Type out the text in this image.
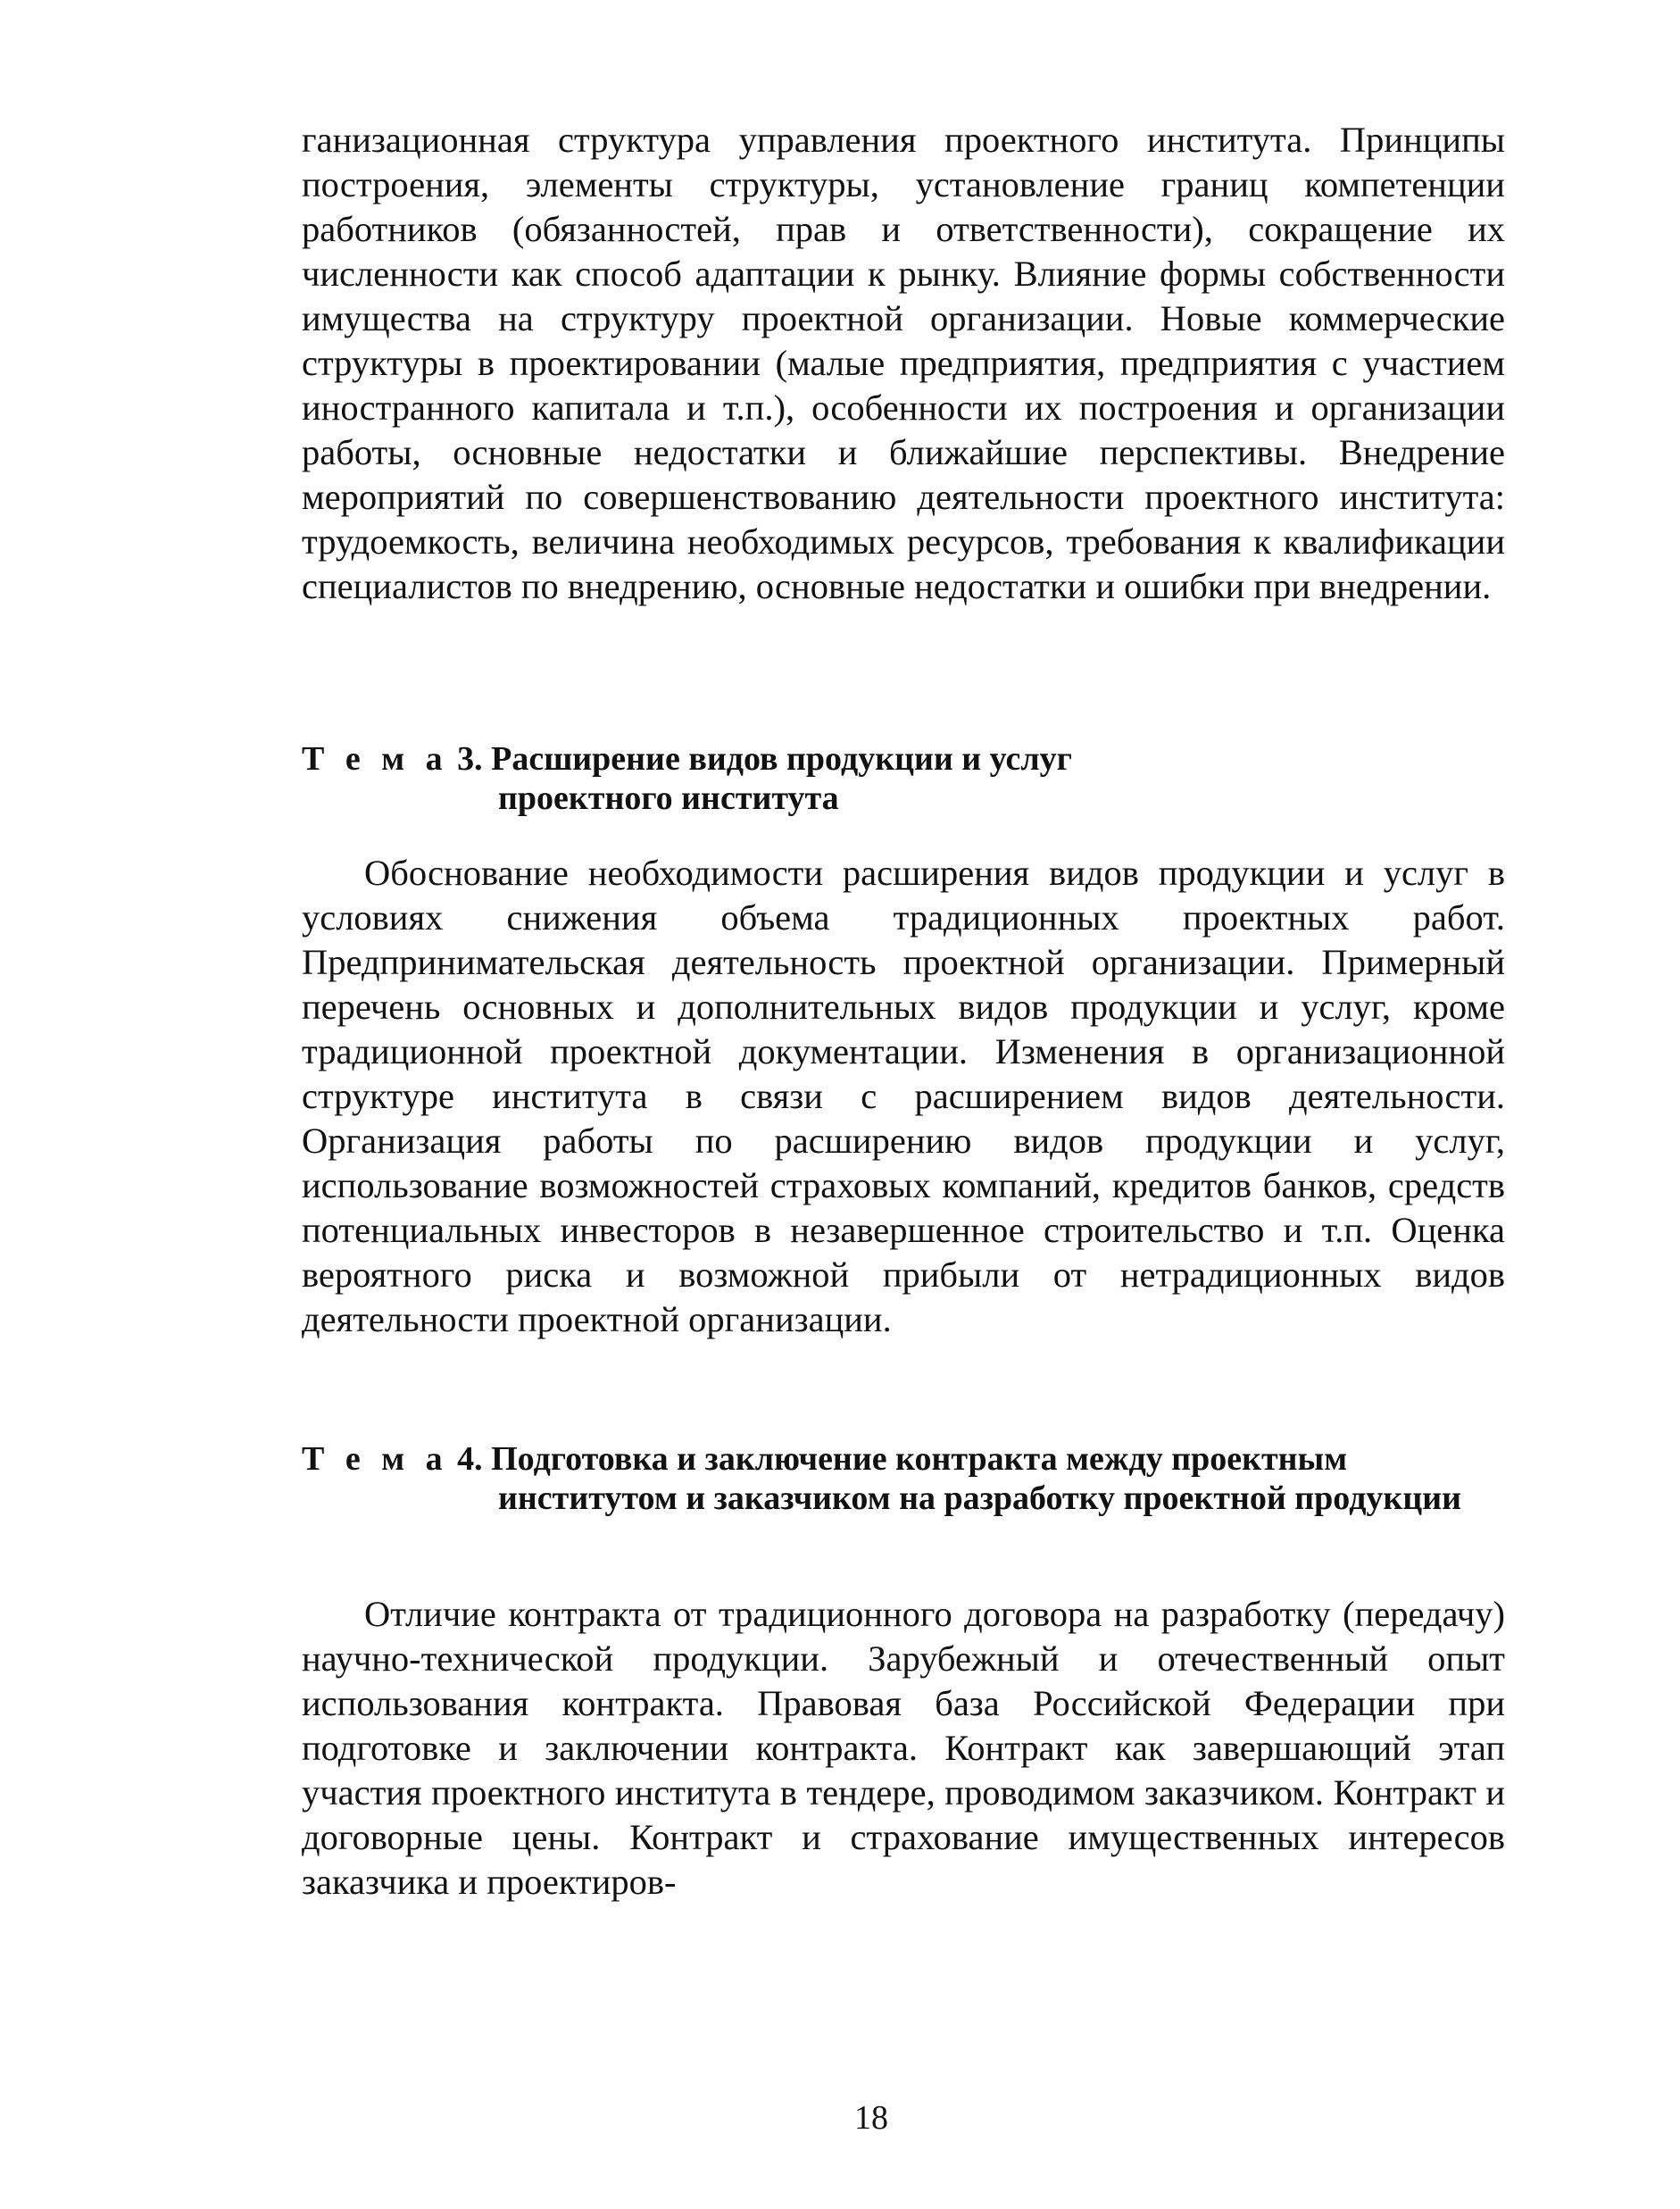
ганизационная структура управления проектного института. Принципы построения, элементы структуры, установление границ компетенции работников (обязанностей, прав и ответственности), сокращение их численности как способ адаптации к рынку. Влияние формы собственности имущества на структуру проектной организации. Новые коммерческие структуры в проектировании (малые предприятия, предприятия с участием иностранного капитала и т.п.), особенности их построения и организации работы, основные недостатки и ближайшие перспективы. Внедрение мероприятий по совершенствованию деятельности проектного института: трудоемкость, величина необходимых ресурсов, требования к квалификации специалистов по внедрению, основные недостатки и ошибки при внедрении.

Т е м а 3. Расширение видов продукции и услуг
проектного института

Обоснование необходимости расширения видов продукции и услуг в условиях снижения объема традиционных проектных работ. Предпринимательская деятельность проектной организации. Примерный перечень основных и дополнительных видов продукции и услуг, кроме традиционной проектной документации. Изменения в организационной структуре института в связи с расширением видов деятельности. Организация работы по расширению видов продукции и услуг, использование возможностей страховых компаний, кредитов банков, средств потенциальных инвесторов в незавершенное строительство и т.п. Оценка вероятного риска и возможной прибыли от нетрадиционных видов деятельности проектной организации.

Т е м а 4. Подготовка и заключение контракта между проектным
институтом и заказчиком на разработку проектной продукции

Отличие контракта от традиционного договора на разработку (передачу) научно-технической продукции. Зарубежный и отечественный опыт использования контракта. Правовая база Российской Федерации при подготовке и заключении контракта. Контракт как завершающий этап участия проектного института в тендере, проводимом заказчиком. Контракт и договорные цены. Контракт и страхование имущественных интересов заказчика и проектиров-

18
